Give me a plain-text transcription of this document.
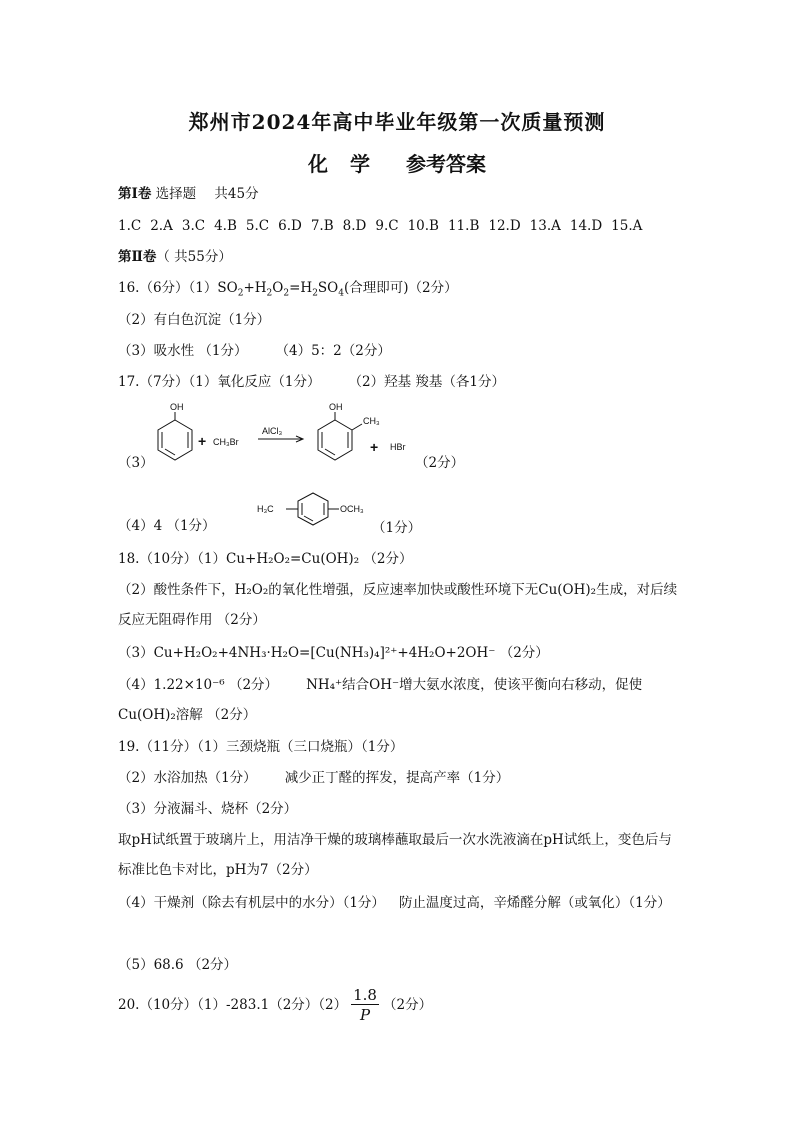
郑州市2024年高中毕业年级第一次质量预测
化 学 参考答案
第Ⅰ卷 选择题 共45分
1.C 2.A 3.C 4.B 5.C 6.D 7.B 8.D 9.C 10.B 11.B 12.D 13.A 14.D 15.A
第Ⅱ卷（ 共55分）
16.（6分）$(1)SO_2+H_2O_2=H_2SO_4$(合理即可)（2分）
（2）有白色沉淀（1分）
（3）吸水性 （1分） （4）5：2（2分）
17.（7分）（1）氧化反应（1分） （2）羟基 羧基（各1分）
（3）
OH
+ CH₃Br
AlCl₃
OH
CH₃
+ HBr
（2分）
（4）4 （1分）
H₃C	OCH₃
（1分）
18.（10分）（1）Cu+H₂O₂=Cu(OH)₂ （2分）
（2）酸性条件下，H₂O₂的氧化性增强，反应速率加快或酸性环境下无Cu(OH)₂生成，对后续反应无阻碍作用 （2分）
（3）Cu+H₂O₂+4NH₃·H₂O=[Cu(NH₃)₄]²⁺+4H₂O+2OH⁻ （2分）
（4）1.22×10⁻⁶ （2分） NH₄⁺结合OH⁻增大氨水浓度，使该平衡向右移动，促使Cu(OH)₂溶解 （2分）
19.（11分）（1）三颈烧瓶（三口烧瓶）（1分）
（2）水浴加热（1分） 减少正丁醛的挥发，提高产率（1分）
（3）分液漏斗、烧杯（2分）
取pH试纸置于玻璃片上，用洁净干燥的玻璃棒蘸取最后一次水洗液滴在pH试纸上，变色后与标准比色卡对比，pH为7（2分）
（4）干燥剂（除去有机层中的水分）（1分） 防止温度过高，辛烯醛分解（或氧化）（1分）
（5）68.6 （2分）
20.（10分）（1）-283.1（2分）$(2) \frac{1.8}{P} (2$分）
